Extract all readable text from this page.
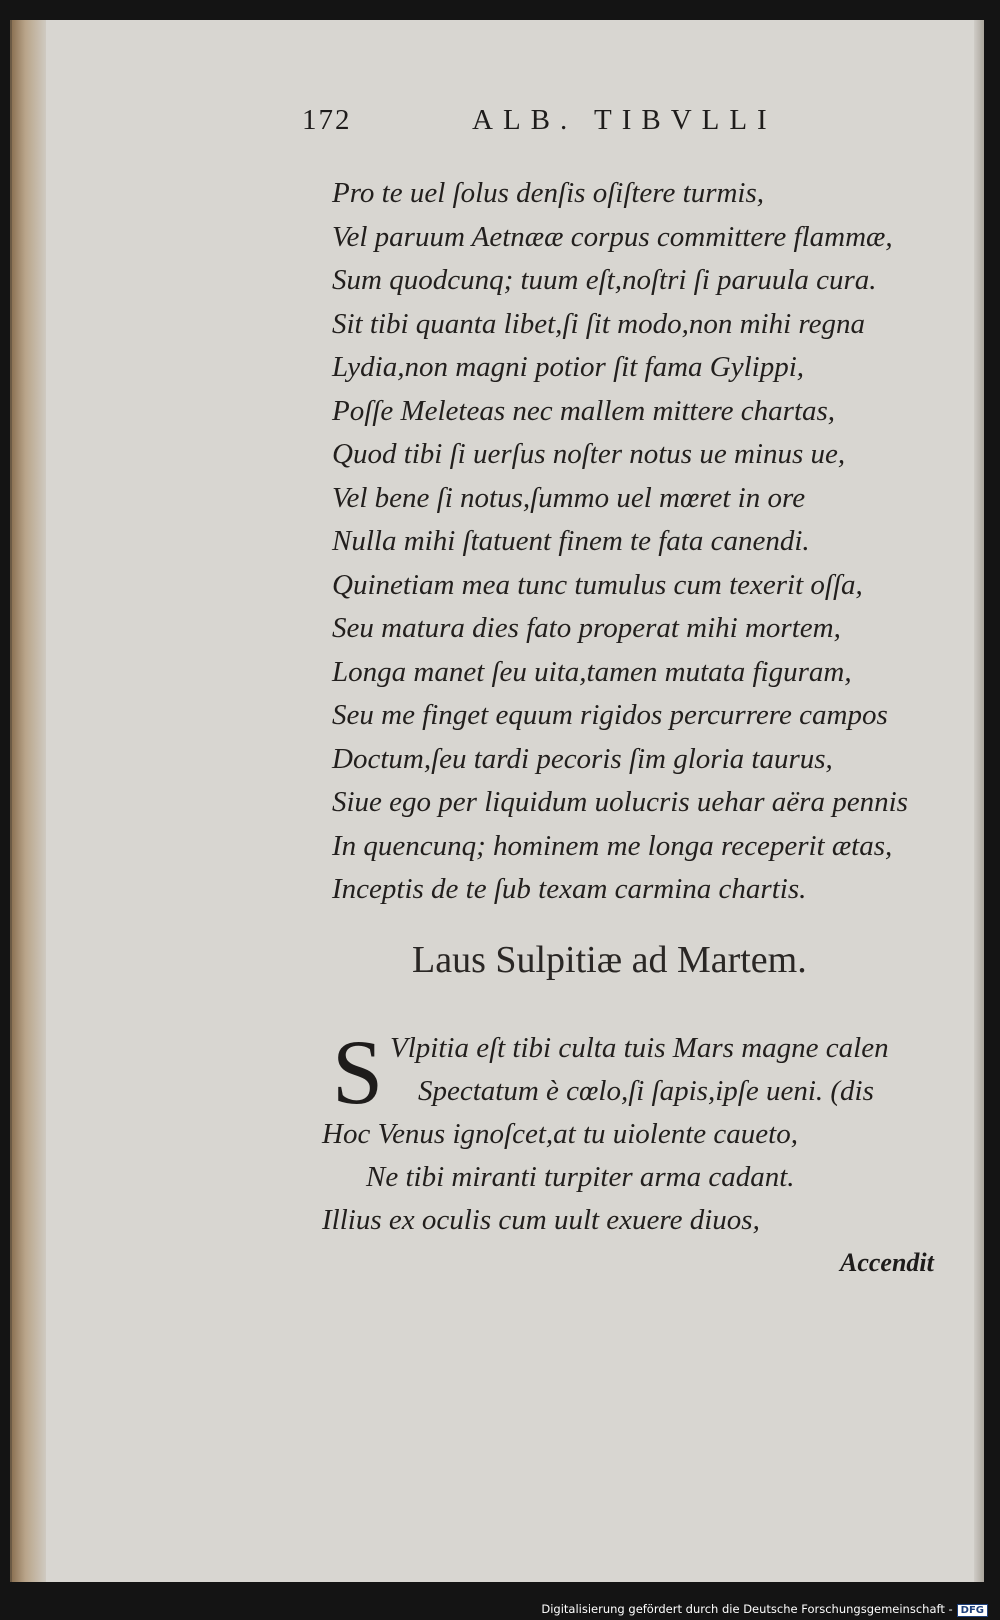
172	ALB. TIBVLLI
Pro te uel ſolus denſis oſiſtere turmis,
Vel paruum Aetnææ corpus committere flammæ,
Sum quodcunq; tuum eſt,noſtri ſi paruula cura.
Sit tibi quanta libet,ſi ſit modo,non mihi regna
Lydia,non magni potior ſit fama Gylippi,
Poſſe Meleteas nec mallem mittere chartas,
Quod tibi ſi uerſus noſter notus ue minus ue,
Vel bene ſi notus,ſummo uel mœret in ore
Nulla mihi ſtatuent finem te fata canendi.
Quinetiam mea tunc tumulus cum texerit oſſa,
Seu matura dies fato properat mihi mortem,
Longa manet ſeu uita,tamen mutata figuram,
Seu me finget equum rigidos percurrere campos
Doctum,ſeu tardi pecoris ſim gloria taurus,
Siue ego per liquidum uolucris uehar aëra pennis
In quencunq; hominem me longa receperit ætas,
Inceptis de te ſub texam carmina chartis.
Laus Sulpitiæ ad Martem.
S Vlpitia eſt tibi culta tuis Mars magne calen
Spectatum è cœlo,ſi ſapis,ipſe ueni. (dis
Hoc Venus ignoſcet,at tu uiolente caueto,
Ne tibi miranti turpiter arma cadant.
Illius ex oculis cum uult exuere diuos,
Accendit
Digitalisierung gefördert durch die Deutsche Forschungsgemeinschaft - DFG
